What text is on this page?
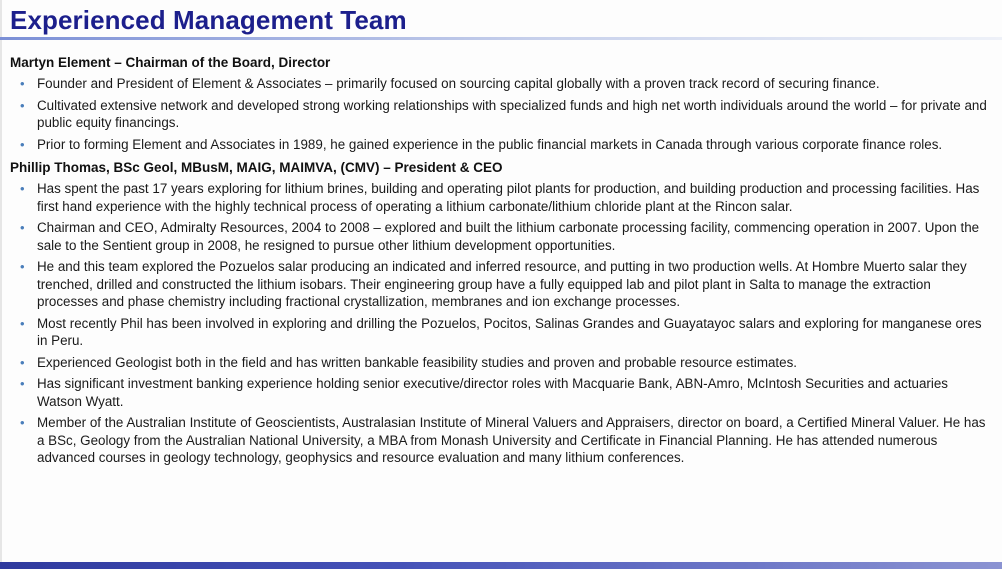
Experienced Management Team
Martyn Element – Chairman of the Board, Director
• Founder and President of Element & Associates – primarily focused on sourcing capital globally with a proven track record of securing finance.
• Cultivated extensive network and developed strong working relationships with specialized funds and high net worth individuals around the world – for private and public equity financings.
• Prior to forming Element and Associates in 1989, he gained experience in the public financial markets in Canada through various corporate finance roles.
Phillip Thomas, BSc Geol, MBusM, MAIG, MAIMVA, (CMV) – President & CEO
• Has spent the past 17 years exploring for lithium brines, building and operating pilot plants for production, and building production and processing facilities. Has first hand experience with the highly technical process of operating a lithium carbonate/lithium chloride plant at the Rincon salar.
• Chairman and CEO, Admiralty Resources, 2004 to 2008 – explored and built the lithium carbonate processing facility, commencing operation in 2007. Upon the sale to the Sentient group in 2008, he resigned to pursue other lithium development opportunities.
• He and this team explored the Pozuelos salar producing an indicated and inferred resource, and putting in two production wells. At Hombre Muerto salar they trenched, drilled and constructed the lithium isobars. Their engineering group have a fully equipped lab and pilot plant in Salta to manage the extraction processes and phase chemistry including fractional crystallization, membranes and ion exchange processes.
• Most recently Phil has been involved in exploring and drilling the Pozuelos, Pocitos, Salinas Grandes and Guayatayoc salars and exploring for manganese ores in Peru.
• Experienced Geologist both in the field and has written bankable feasibility studies and proven and probable resource estimates.
• Has significant investment banking experience holding senior executive/director roles with Macquarie Bank, ABN-Amro, McIntosh Securities and actuaries Watson Wyatt.
• Member of the Australian Institute of Geoscientists, Australasian Institute of Mineral Valuers and Appraisers, director on board, a Certified Mineral Valuer. He has a BSc, Geology from the Australian National University, a MBA from Monash University and Certificate in Financial Planning. He has attended numerous advanced courses in geology technology, geophysics and resource evaluation and many lithium conferences.
